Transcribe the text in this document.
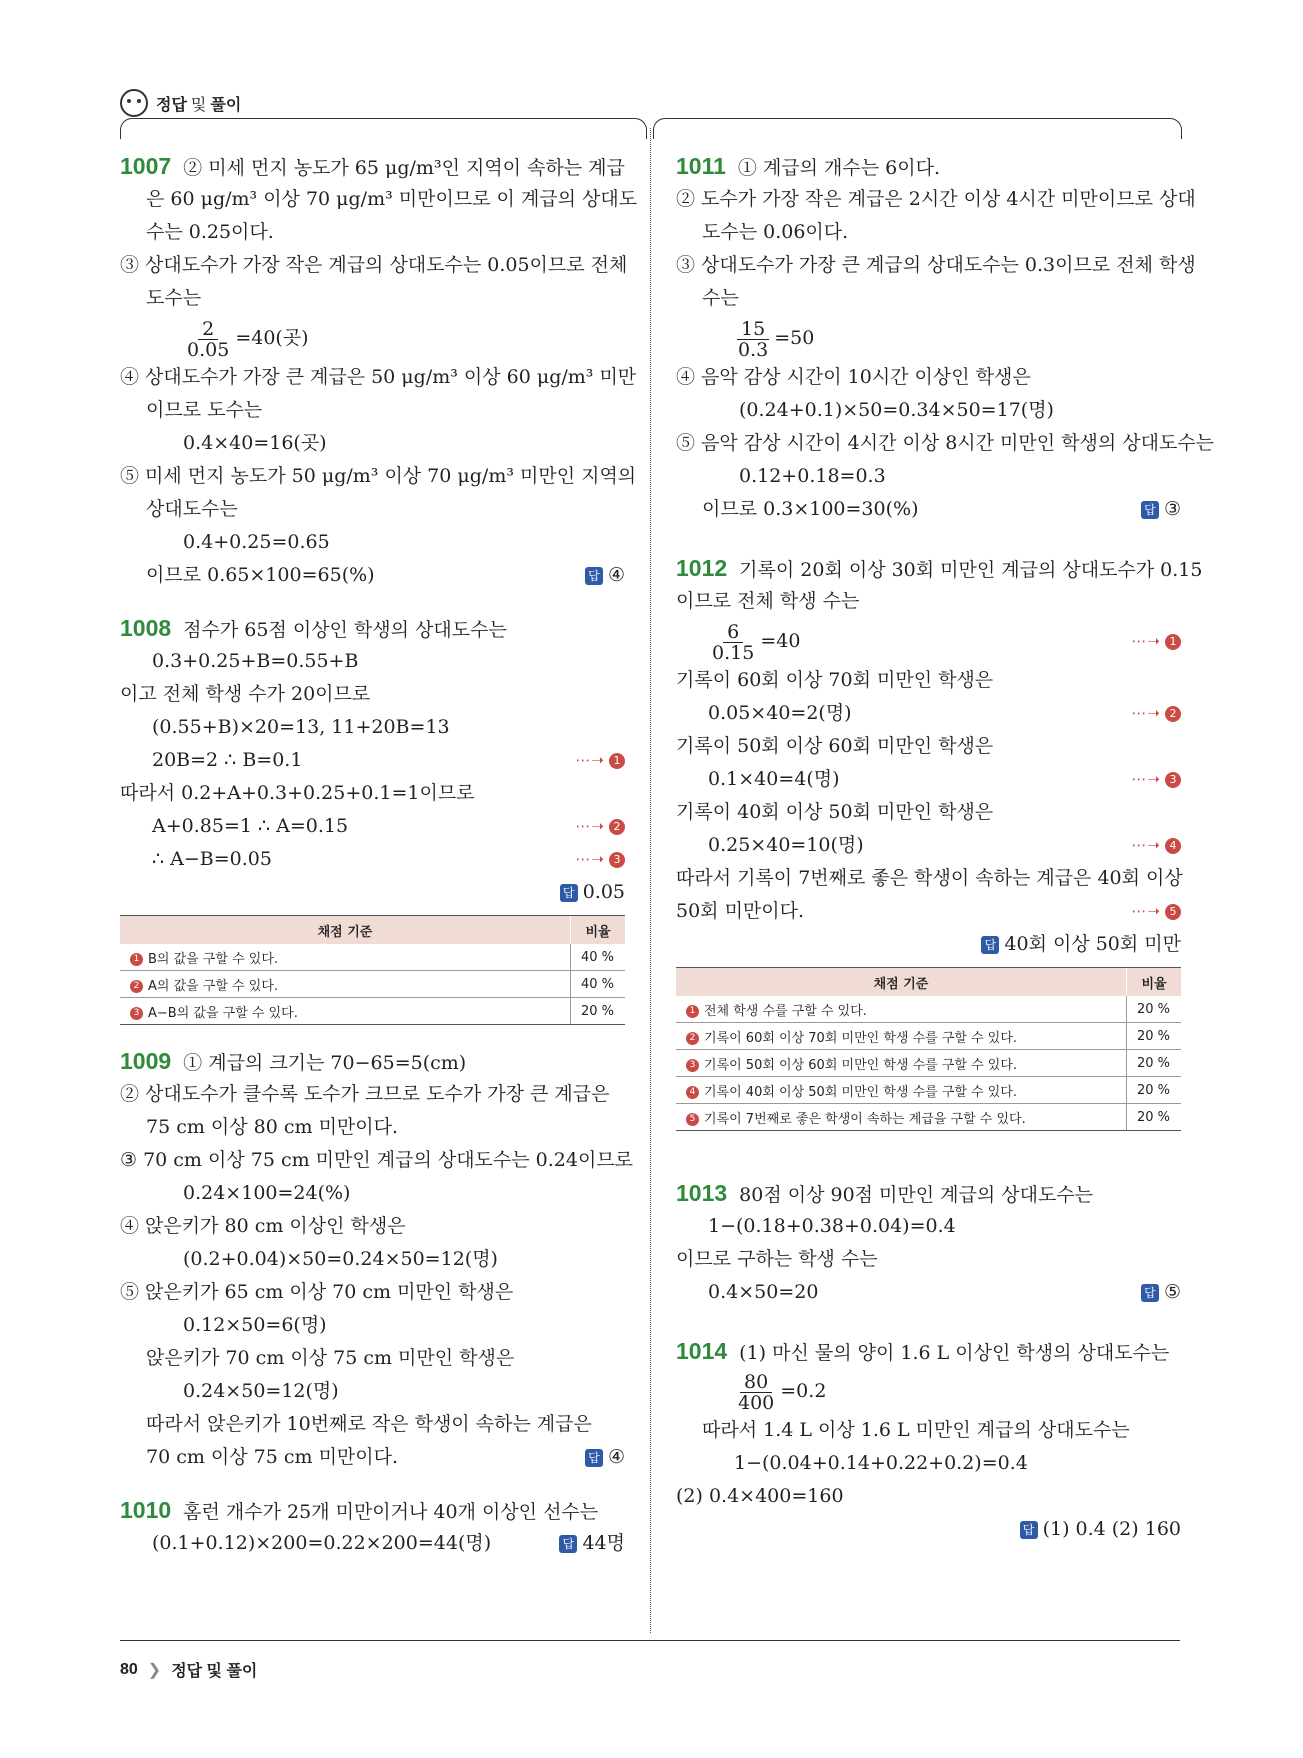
정답 및 풀이
1007 ② 미세 먼지 농도가 65 μg/m³인 지역이 속하는 계급
은 60 μg/m³ 이상 70 μg/m³ 미만이므로 이 계급의 상대도
수는 0.25이다.
③ 상대도수가 가장 작은 계급의 상대도수는 0.05이므로 전체
도수는
$\frac{2}{0.05} =40$(곳)
④ 상대도수가 가장 큰 계급은 50 μg/m³ 이상 60 μg/m³ 미만
이므로 도수는
0.4×40=16(곳)
⑤ 미세 먼지 농도가 50 μg/m³ 이상 70 μg/m³ 미만인 지역의
상대도수는
0.4+0.25=0.65
이므로 0.65×100=65(%)	답 ④
1008 점수가 65점 이상인 학생의 상대도수는
0.3+0.25+B=0.55+B
이고 전체 학생 수가 20이므로
(0.55+B)×20=13, 11+20B=13
20B=2 ∴ B=0.1	⋯➝ 1
따라서 0.2+A+0.3+0.25+0.1=1이므로
A+0.85=1 ∴ A=0.15	⋯➝ 2
∴ A−B=0.05	⋯➝ 3
답 0.05
채점 기준	비율
1 B의 값을 구할 수 있다.	40 %
2 A의 값을 구할 수 있다.	40 %
3 A−B의 값을 구할 수 있다.	20 %
1009 ① 계급의 크기는 70−65=5(cm)
② 상대도수가 클수록 도수가 크므로 도수가 가장 큰 계급은
75 cm 이상 80 cm 미만이다.
③ 70 cm 이상 75 cm 미만인 계급의 상대도수는 0.24이므로
0.24×100=24(%)
④ 앉은키가 80 cm 이상인 학생은
(0.2+0.04)×50=0.24×50=12(명)
⑤ 앉은키가 65 cm 이상 70 cm 미만인 학생은
0.12×50=6(명)
앉은키가 70 cm 이상 75 cm 미만인 학생은
0.24×50=12(명)
따라서 앉은키가 10번째로 작은 학생이 속하는 계급은
70 cm 이상 75 cm 미만이다.	답 ④
1010 홈런 개수가 25개 미만이거나 40개 이상인 선수는
(0.1+0.12)×200=0.22×200=44(명)	답 44명
1011 ① 계급의 개수는 6이다.
② 도수가 가장 작은 계급은 2시간 이상 4시간 미만이므로 상대
도수는 0.06이다.
③ 상대도수가 가장 큰 계급의 상대도수는 0.3이므로 전체 학생
수는
$\frac{15}{0.3} =50$
④ 음악 감상 시간이 10시간 이상인 학생은
(0.24+0.1)×50=0.34×50=17(명)
⑤ 음악 감상 시간이 4시간 이상 8시간 미만인 학생의 상대도수는
0.12+0.18=0.3
이므로 0.3×100=30(%)	답 ③
1012 기록이 20회 이상 30회 미만인 계급의 상대도수가 0.15
이므로 전체 학생 수는
$\frac{6}{0.15} =40$	⋯➝ 1
기록이 60회 이상 70회 미만인 학생은
0.05×40=2(명)	⋯➝ 2
기록이 50회 이상 60회 미만인 학생은
0.1×40=4(명)	⋯➝ 3
기록이 40회 이상 50회 미만인 학생은
0.25×40=10(명)	⋯➝ 4
따라서 기록이 7번째로 좋은 학생이 속하는 계급은 40회 이상
50회 미만이다.	⋯➝ 5
답 40회 이상 50회 미만
채점 기준	비율
1 전체 학생 수를 구할 수 있다.	20 %
2 기록이 60회 이상 70회 미만인 학생 수를 구할 수 있다.	20 %
3 기록이 50회 이상 60회 미만인 학생 수를 구할 수 있다.	20 %
4 기록이 40회 이상 50회 미만인 학생 수를 구할 수 있다.	20 %
5 기록이 7번째로 좋은 학생이 속하는 계급을 구할 수 있다.	20 %
1013 80점 이상 90점 미만인 계급의 상대도수는
1−(0.18+0.38+0.04)=0.4
이므로 구하는 학생 수는
0.4×50=20	답 ⑤
1014 (1) 마신 물의 양이 1.6 L 이상인 학생의 상대도수는
$\frac{80}{400} =0.2$
따라서 1.4 L 이상 1.6 L 미만인 계급의 상대도수는
1−(0.04+0.14+0.22+0.2)=0.4
(2) 0.4×400=160
답 (1) 0.4 (2) 160
80 ❯ 정답 및 풀이
